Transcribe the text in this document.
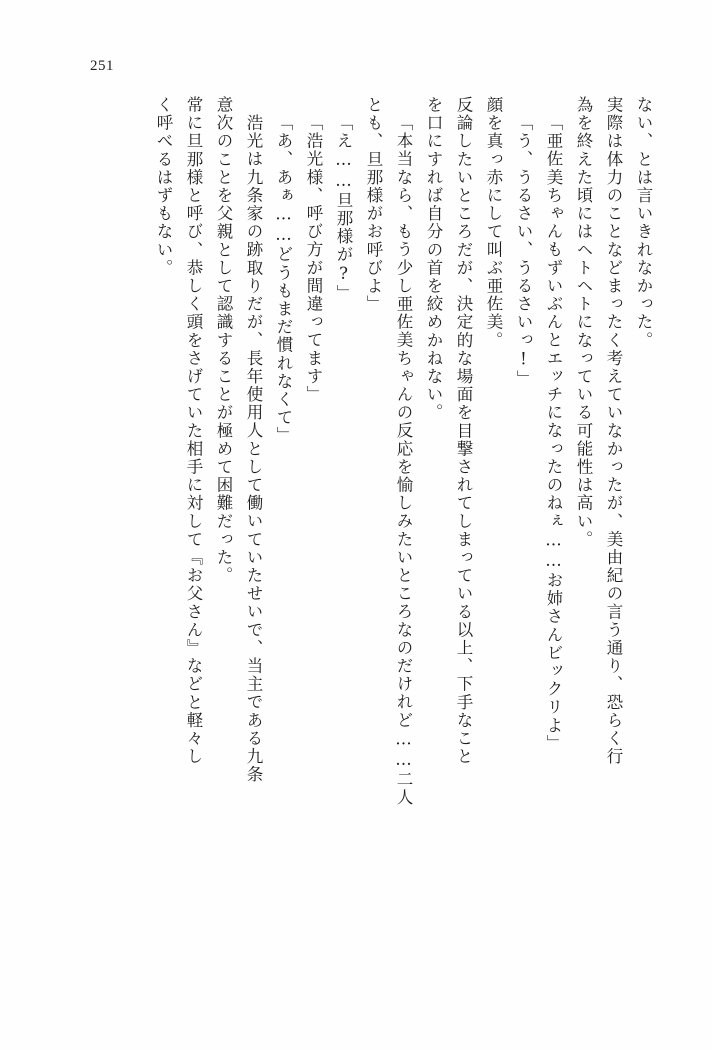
251
ない、とは言いきれなかった。
実際は体力のことなどまったく考えていなかったが、美由紀の言う通り、恐らく行
為を終えた頃にはヘトヘトになっている可能性は高い。
「亜佐美ちゃんもずいぶんとエッチになったのねぇ……お姉さんビックリよ」
「う、うるさい、うるさいっ!」
顔を真っ赤にして叫ぶ亜佐美。
反論したいところだが、決定的な場面を目撃されてしまっている以上、下手なこと
を口にすれば自分の首を絞めかねない。
「本当なら、もう少し亜佐美ちゃんの反応を愉しみたいところなのだけれど……二人
とも、旦那様がお呼びよ」
「え……旦那様が?」
「浩光様、呼び方が間違ってます」
「あ、あぁ……どうもまだ慣れなくて」
浩光は九条家の跡取りだが、長年使用人として働いていたせいで、当主である九条
意次のことを父親として認識することが極めて困難だった。
常に旦那様と呼び、恭しく頭をさげていた相手に対して『お父さん』などと軽々し
く呼べるはずもない。
